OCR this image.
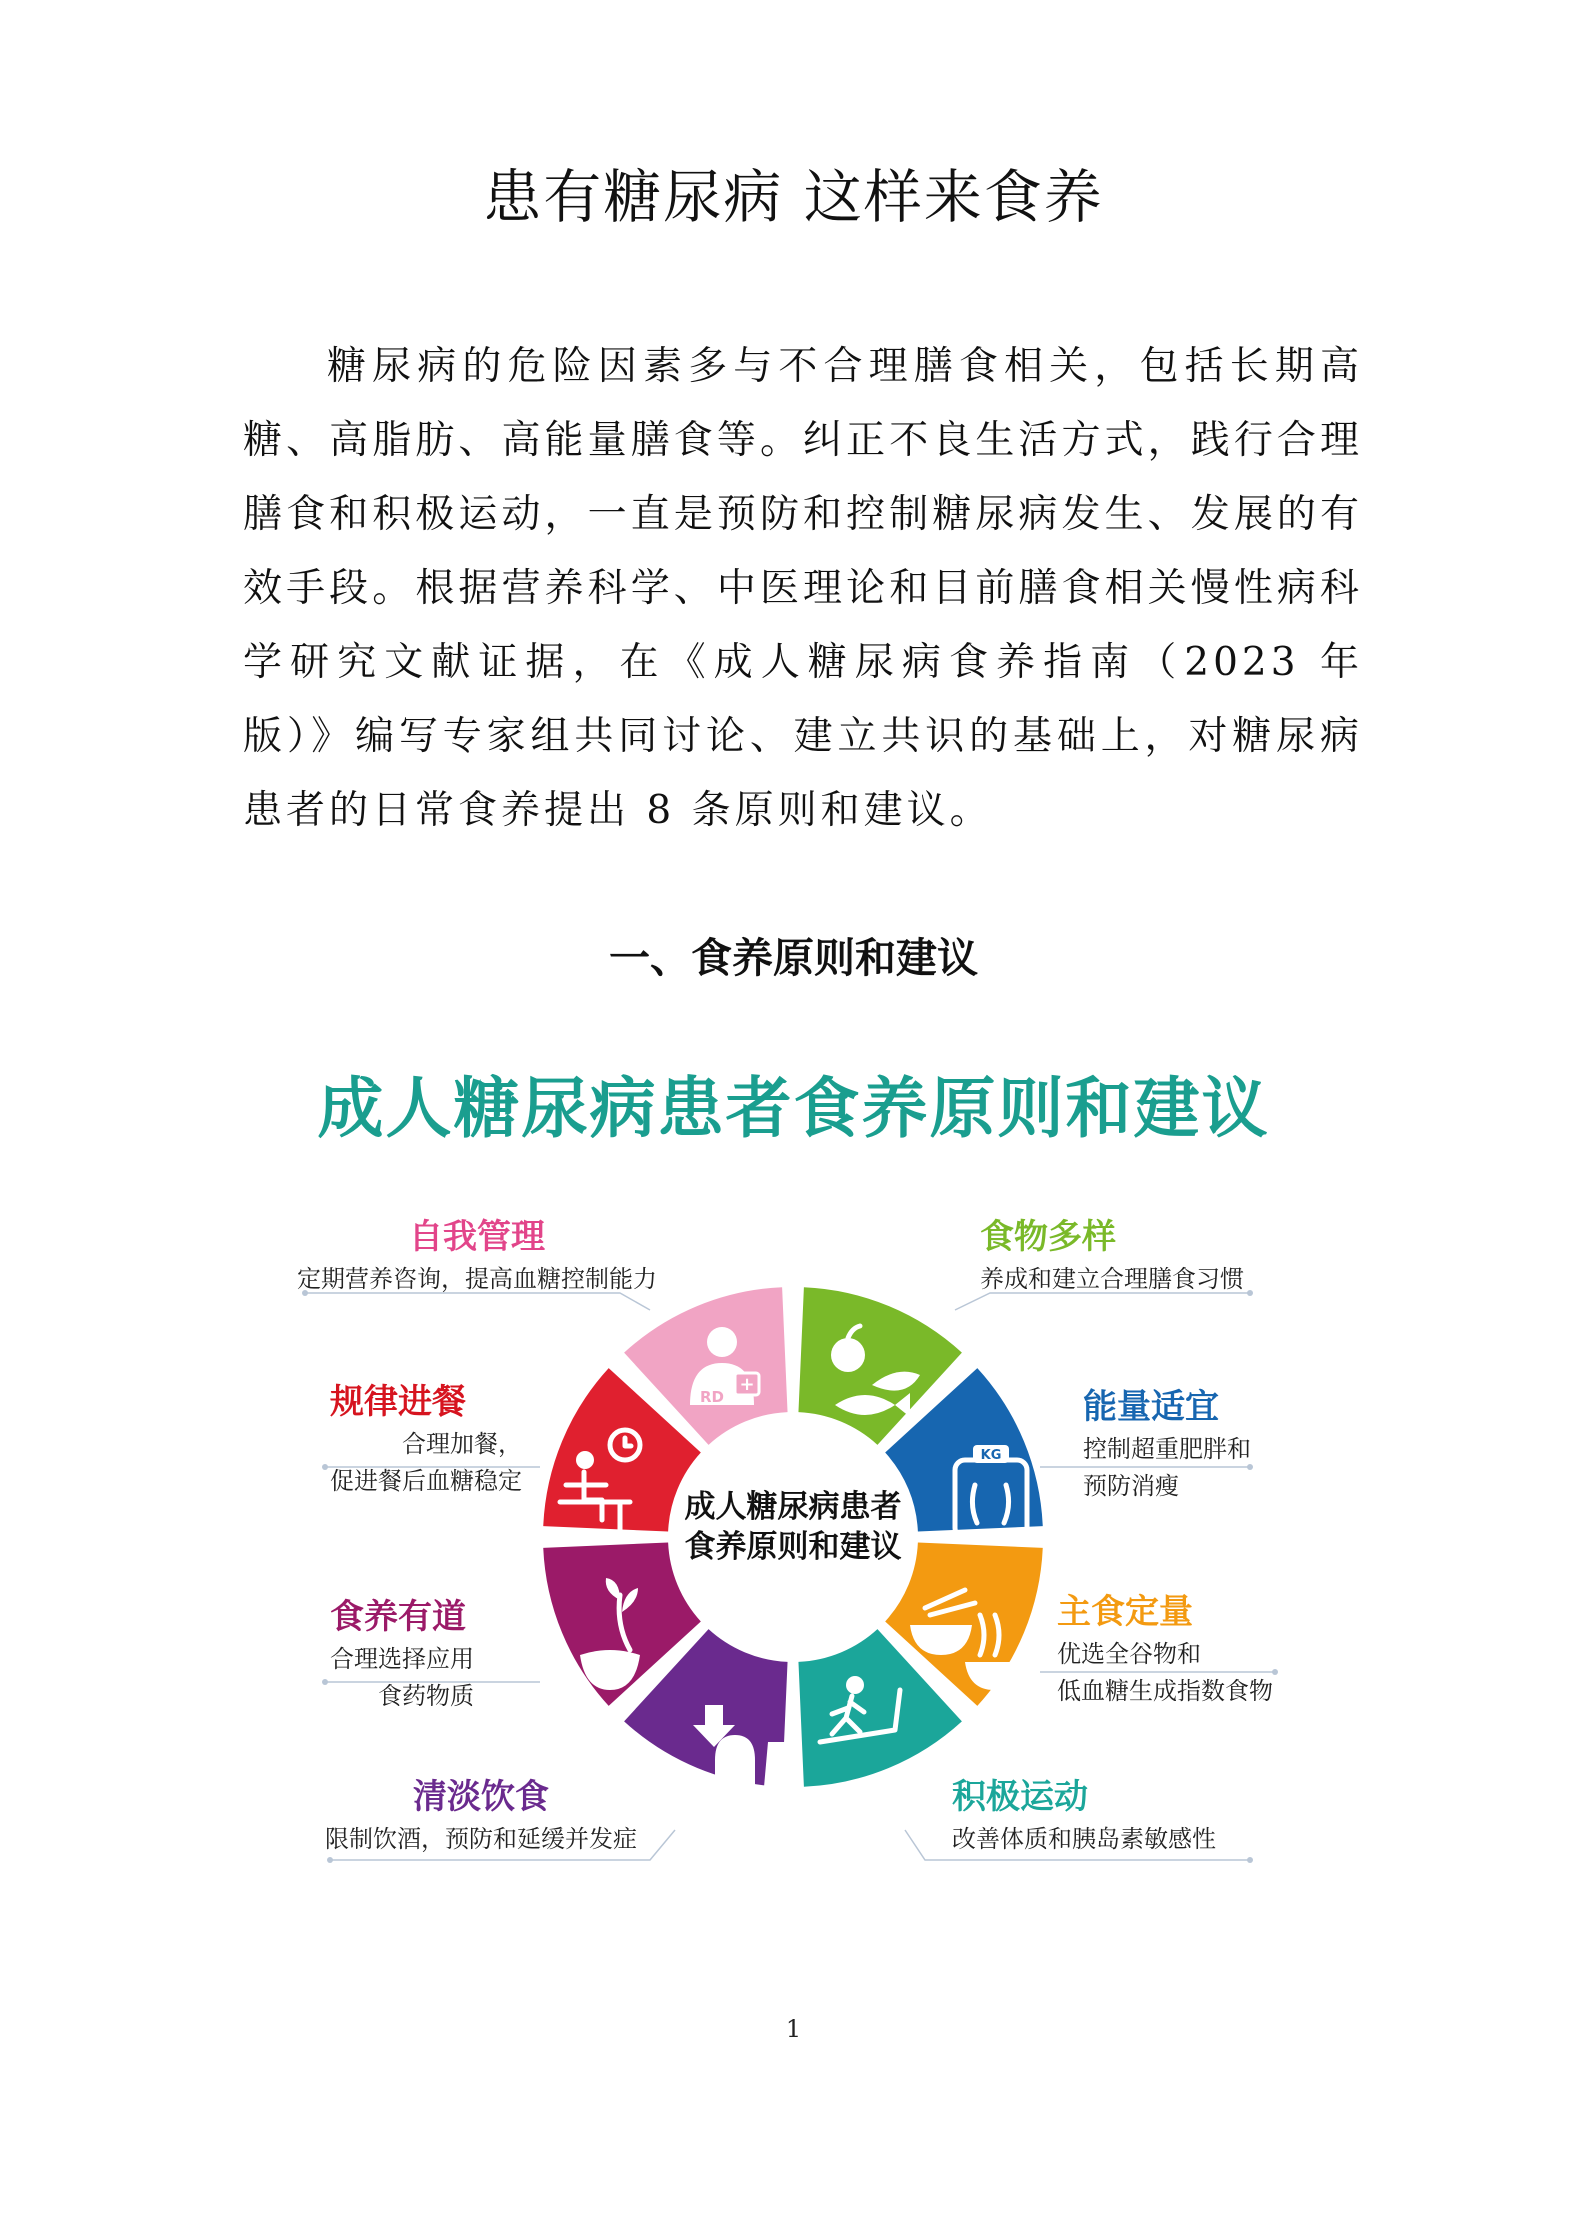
患有糖尿病 这样来食养

糖尿病的危险因素多与不合理膳食相关，包括长期高糖、高脂肪、高能量膳食等。纠正不良生活方式，践行合理膳食和积极运动，一直是预防和控制糖尿病发生、发展的有效手段。根据营养科学、中医理论和目前膳食相关慢性病科学研究文献证据，在《成人糖尿病食养指南（2023 年版）》编写专家组共同讨论、建立共识的基础上，对糖尿病患者的日常食养提出 8 条原则和建议。

一、食养原则和建议
成人糖尿病患者食养原则和建议
成人糖尿病患者
食养原则和建议
RD
+
KG
自我管理
定期营养咨询，提高血糖控制能力
规律进餐
合理加餐，
促进餐后血糖稳定
食养有道
合理选择应用
食药物质
清淡饮食
限制饮酒，预防和延缓并发症
食物多样
养成和建立合理膳食习惯
能量适宜
控制超重肥胖和
预防消瘦
主食定量
优选全谷物和
低血糖生成指数食物
积极运动
改善体质和胰岛素敏感性
1
